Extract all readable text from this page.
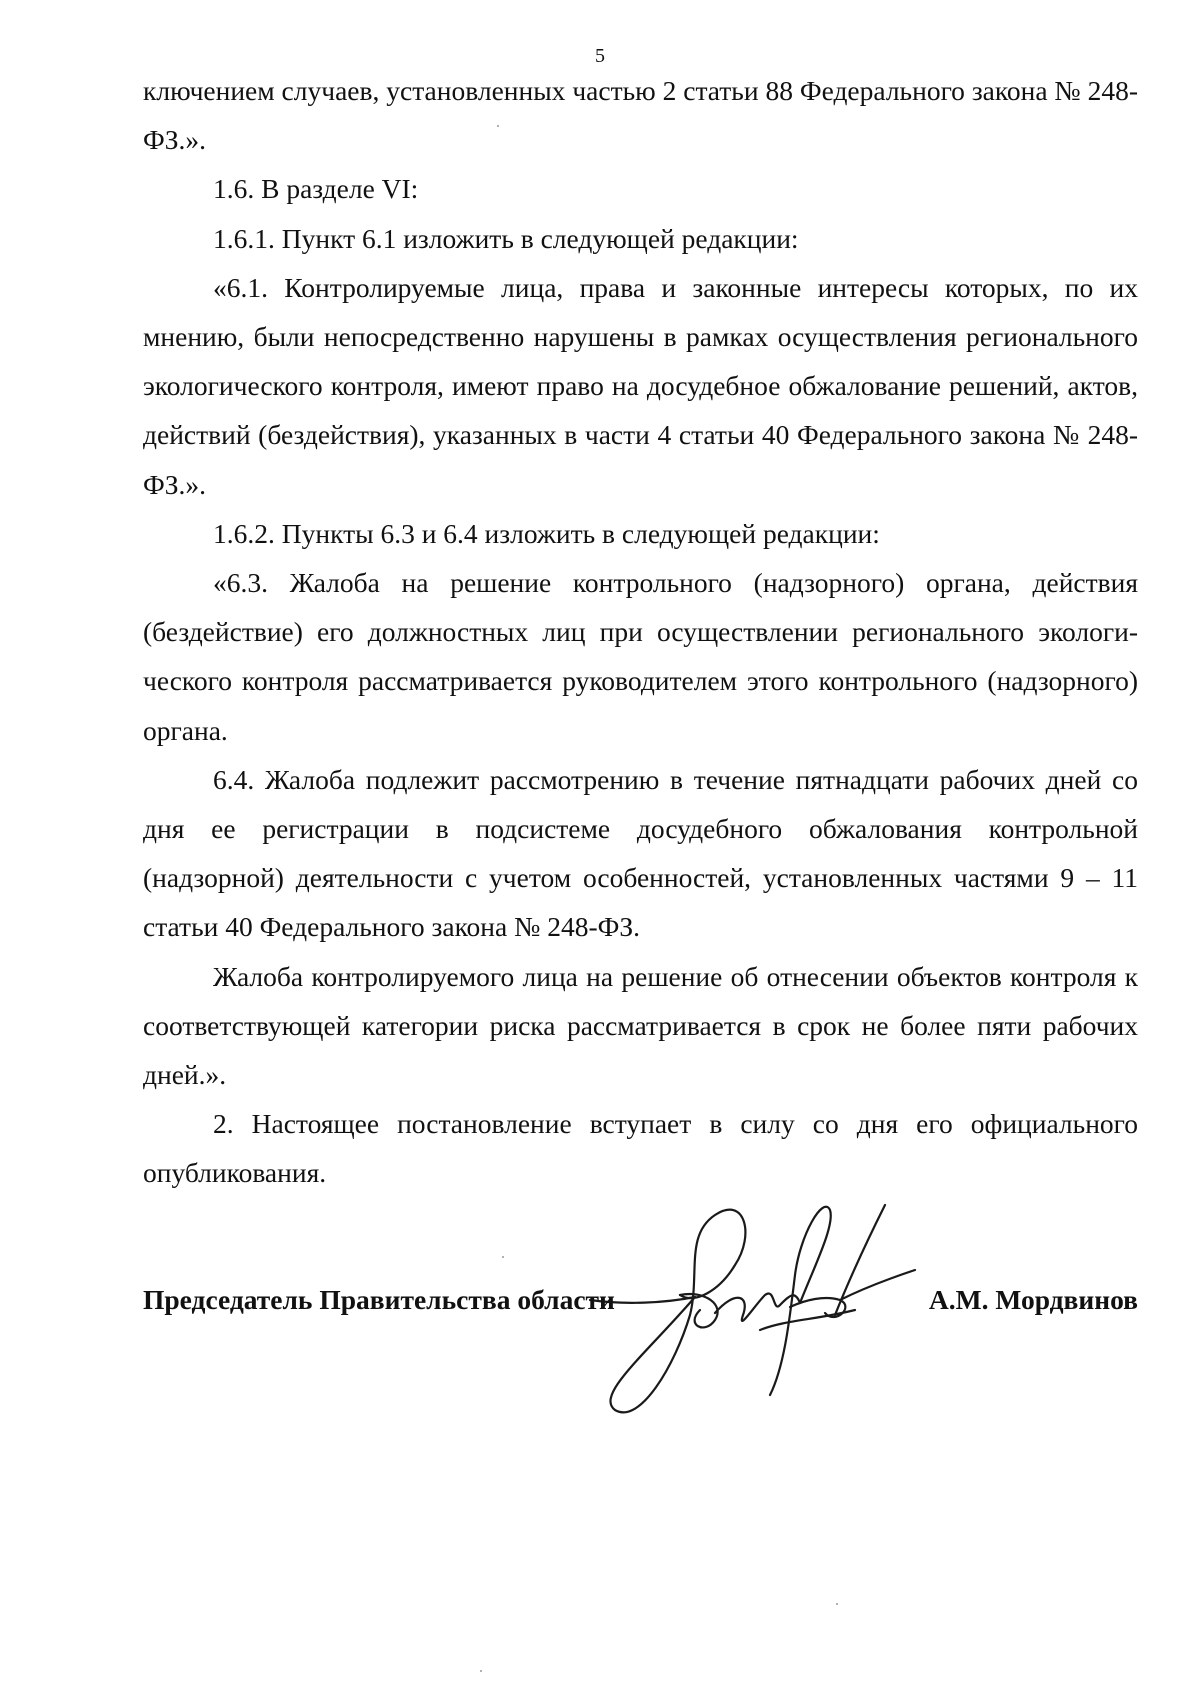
5

ключением случаев, установленных частью 2 статьи 88 Федерального закона № 248-ФЗ.».

1.6. В разделе VI:

1.6.1. Пункт 6.1 изложить в следующей редакции:

«6.1. Контролируемые лица, права и законные интересы которых, по их мнению, были непосредственно нарушены в рамках осуществления регионального экологического контроля, имеют право на досудебное обжалование решений, актов, действий (бездействия), указанных в части 4 статьи 40 Федерального закона № 248-ФЗ.».

1.6.2. Пункты 6.3 и 6.4 изложить в следующей редакции:

«6.3. Жалоба на решение контрольного (надзорного) органа, действия (бездействие) его должностных лиц при осуществлении регионального экологического контроля рассматривается руководителем этого контрольного (надзорного) органа.

6.4. Жалоба подлежит рассмотрению в течение пятнадцати рабочих дней со дня ее регистрации в подсистеме досудебного обжалования контрольной (надзорной) деятельности с учетом особенностей, установленных частями 9 – 11 статьи 40 Федерального закона № 248-ФЗ.

Жалоба контролируемого лица на решение об отнесении объектов контроля к соответствующей категории риска рассматривается в срок не более пяти рабочих дней.».

2. Настоящее постановление вступает в силу со дня его официального опубликования.

Председатель Правительства области	А.М. Мордвинов
